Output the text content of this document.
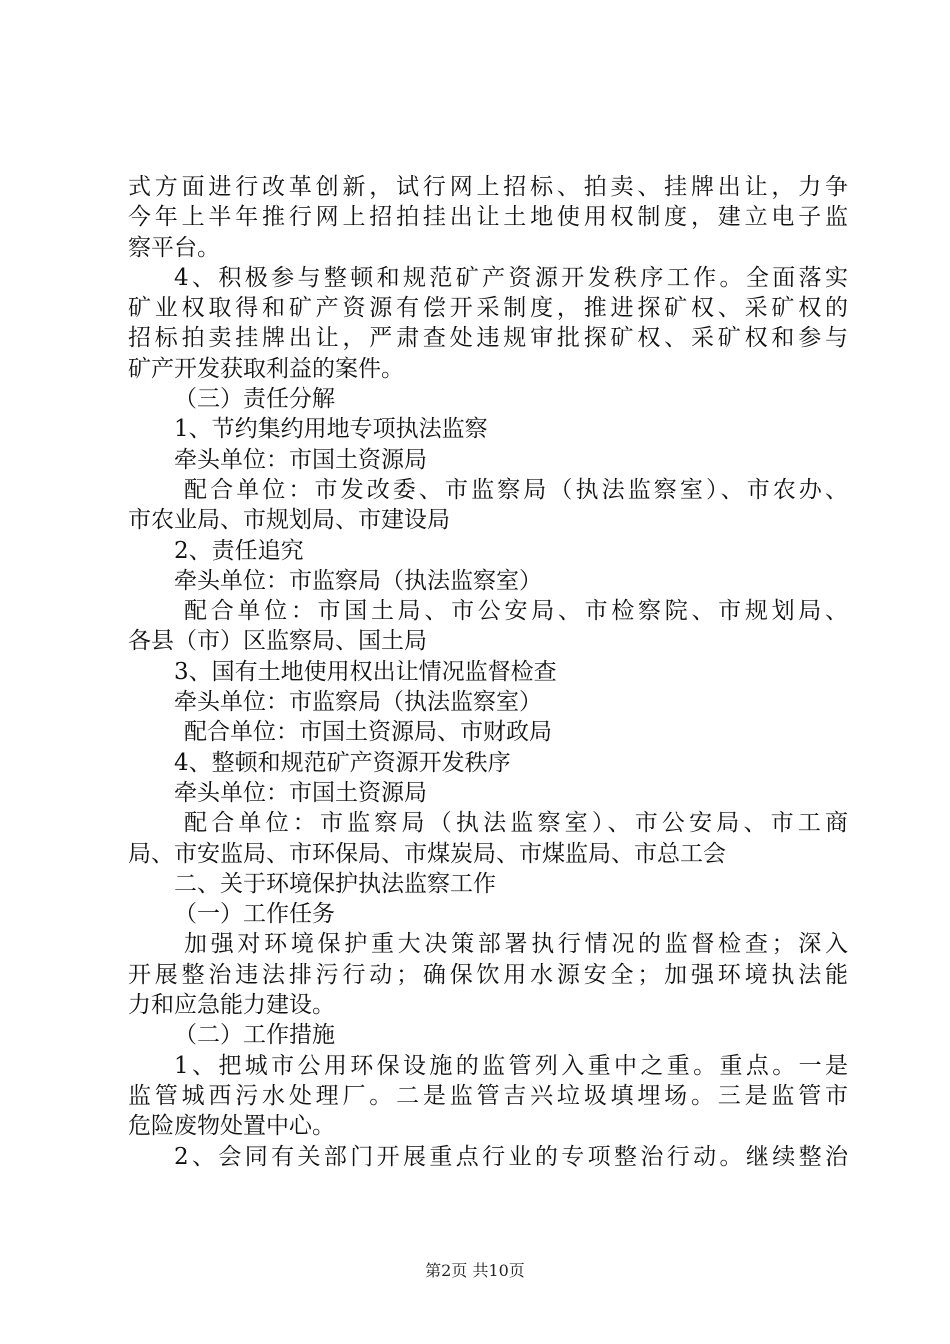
式方面进行改革创新，试行网上招标、拍卖、挂牌出让，力争
今年上半年推行网上招拍挂出让土地使用权制度，建立电子监
察平台。
4、积极参与整顿和规范矿产资源开发秩序工作。全面落实
矿业权取得和矿产资源有偿开采制度，推进探矿权、采矿权的
招标拍卖挂牌出让，严肃查处违规审批探矿权、采矿权和参与
矿产开发获取利益的案件。
（三）责任分解
1、节约集约用地专项执法监察
牵头单位：市国土资源局
配合单位：市发改委、市监察局（执法监察室）、市农办、
市农业局、市规划局、市建设局
2、责任追究
牵头单位：市监察局（执法监察室）
配合单位：市国土局、市公安局、市检察院、市规划局、
各县（市）区监察局、国土局
3、国有土地使用权出让情况监督检查
牵头单位：市监察局（执法监察室）
配合单位：市国土资源局、市财政局
4、整顿和规范矿产资源开发秩序
牵头单位：市国土资源局
配合单位：市监察局（执法监察室）、市公安局、市工商
局、市安监局、市环保局、市煤炭局、市煤监局、市总工会
二、关于环境保护执法监察工作
（一）工作任务
加强对环境保护重大决策部署执行情况的监督检查；深入
开展整治违法排污行动；确保饮用水源安全；加强环境执法能
力和应急能力建设。
（二）工作措施
1、把城市公用环保设施的监管列入重中之重。重点。一是
监管城西污水处理厂。二是监管吉兴垃圾填埋场。三是监管市
危险废物处置中心。
2、会同有关部门开展重点行业的专项整治行动。继续整治
第2页 共10页
